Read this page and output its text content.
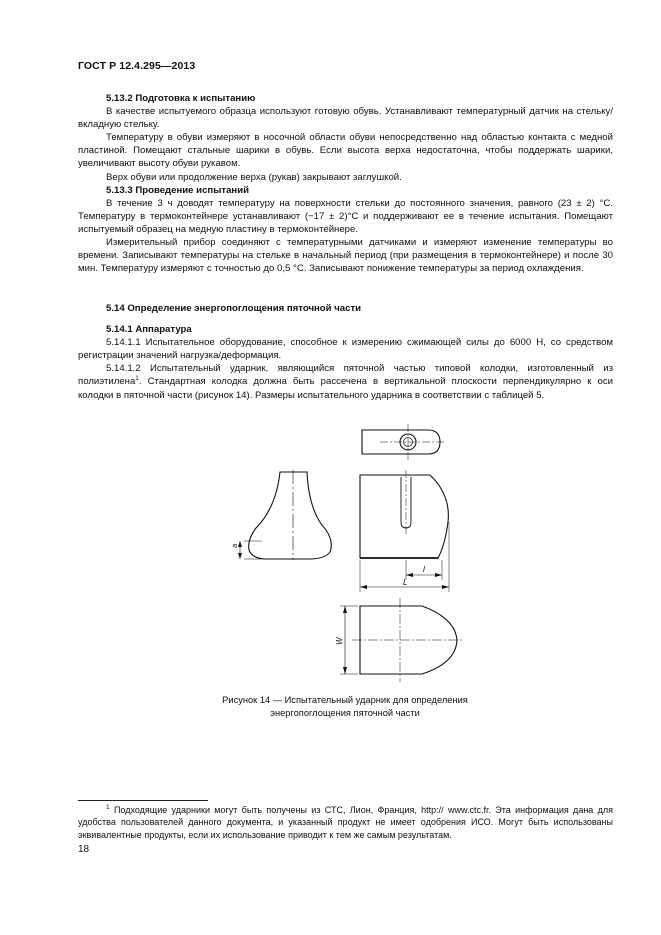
ГОСТ Р 12.4.295—2013

5.13.2 Подготовка к испытанию

В качестве испытуемого образца используют готовую обувь. Устанавливают температурный датчик на стельку/вкладную стельку.

Температуру в обуви измеряют в носочной области обуви непосредственно над областью контакта с медной пластиной. Помещают стальные шарики в обувь. Если высота верха недостаточна, чтобы поддержать шарики, увеличивают высоту обуви рукавом.

Верх обуви или продолжение верха (рукав) закрывают заглушкой.

5.13.3 Проведение испытаний

В течение 3 ч доводят температуру на поверхности стельки до постоянного значения, равного (23 ± 2) °С. Температуру в термоконтейнере устанавливают (−17 ± 2)°С и поддерживают ее в течение испытания. Помещают испытуемый образец на медную пластину в термоконтейнере.

Измерительный прибор соединяют с температурными датчиками и измеряют изменение температуры во времени. Записывают температуры на стельке в начальный период (при размещения в термоконтейнере) и после 30 мин. Температуру измеряют с точностью до 0,5 °С. Записывают понижение температуры за период охлаждения.

5.14 Определение энергопоглощения пяточной части

5.14.1 Аппаратура

5.14.1.1 Испытательное оборудование, способное к измерению сжимающей силы до 6000 Н, со средством регистрации значений нагрузка/деформация.

5.14.1.2 Испытательный ударник, являющийся пяточной частью типовой колодки, изготовленный из полиэтилена$^1$. Стандартная колодка должна быть рассечена в вертикальной плоскости перпендикулярно к оси колодки в пяточной части (рисунок 14). Размеры испытательного ударника в соответствии с таблицей 5.

a
l
L
W
Рисунок 14 — Испытательный ударник для определения
энергопоглощения пяточной части

$^1$ Подходящие ударники могут быть получены из СТС, Лион, Франция, http:// www.ctc.fr. Эта информация дана для удобства пользователей данного документа, и указанный продукт не имеет одобрения ИСО. Могут быть использованы эквивалентные продукты, если их использование приводит к тем же самым результатам.

18
